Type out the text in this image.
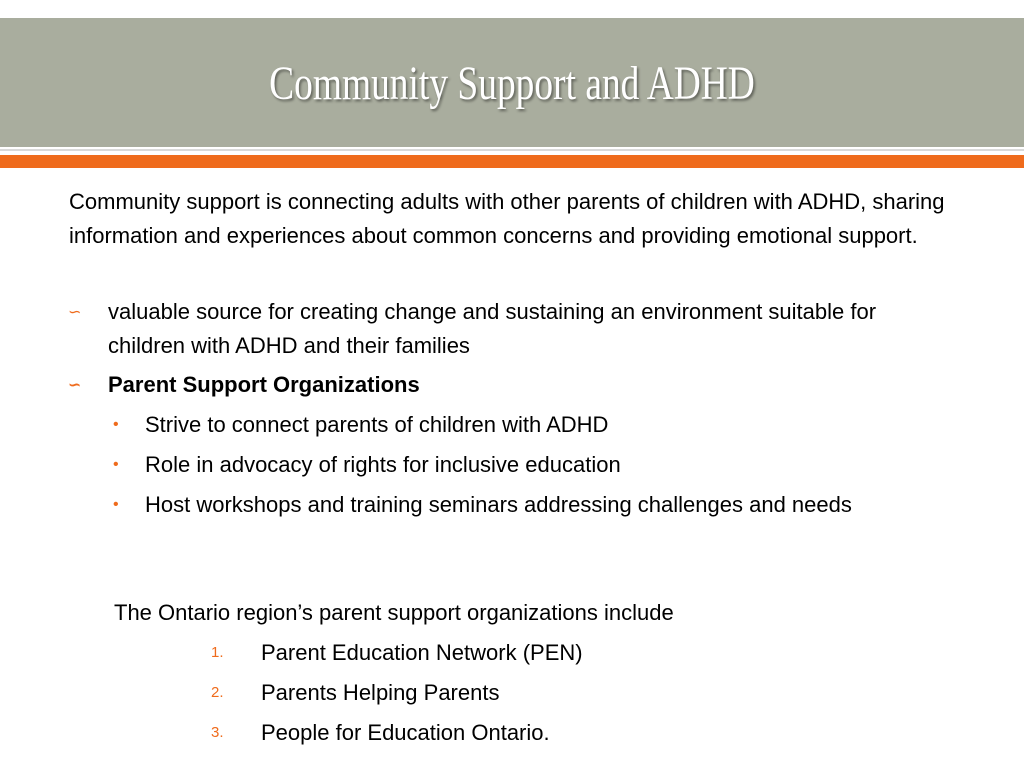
Community Support and ADHD
Community support is connecting adults with other parents of children with ADHD, sharing information and experiences about common concerns and providing emotional support.
∽ valuable source for creating change and sustaining an environment suitable for children with ADHD and their families
∽ Parent Support Organizations
• Strive to connect parents of children with ADHD
• Role in advocacy of rights for inclusive education
• Host workshops and training seminars addressing challenges and needs
The Ontario region’s parent support organizations include
1. Parent Education Network (PEN)
2. Parents Helping Parents
3. People for Education Ontario.
